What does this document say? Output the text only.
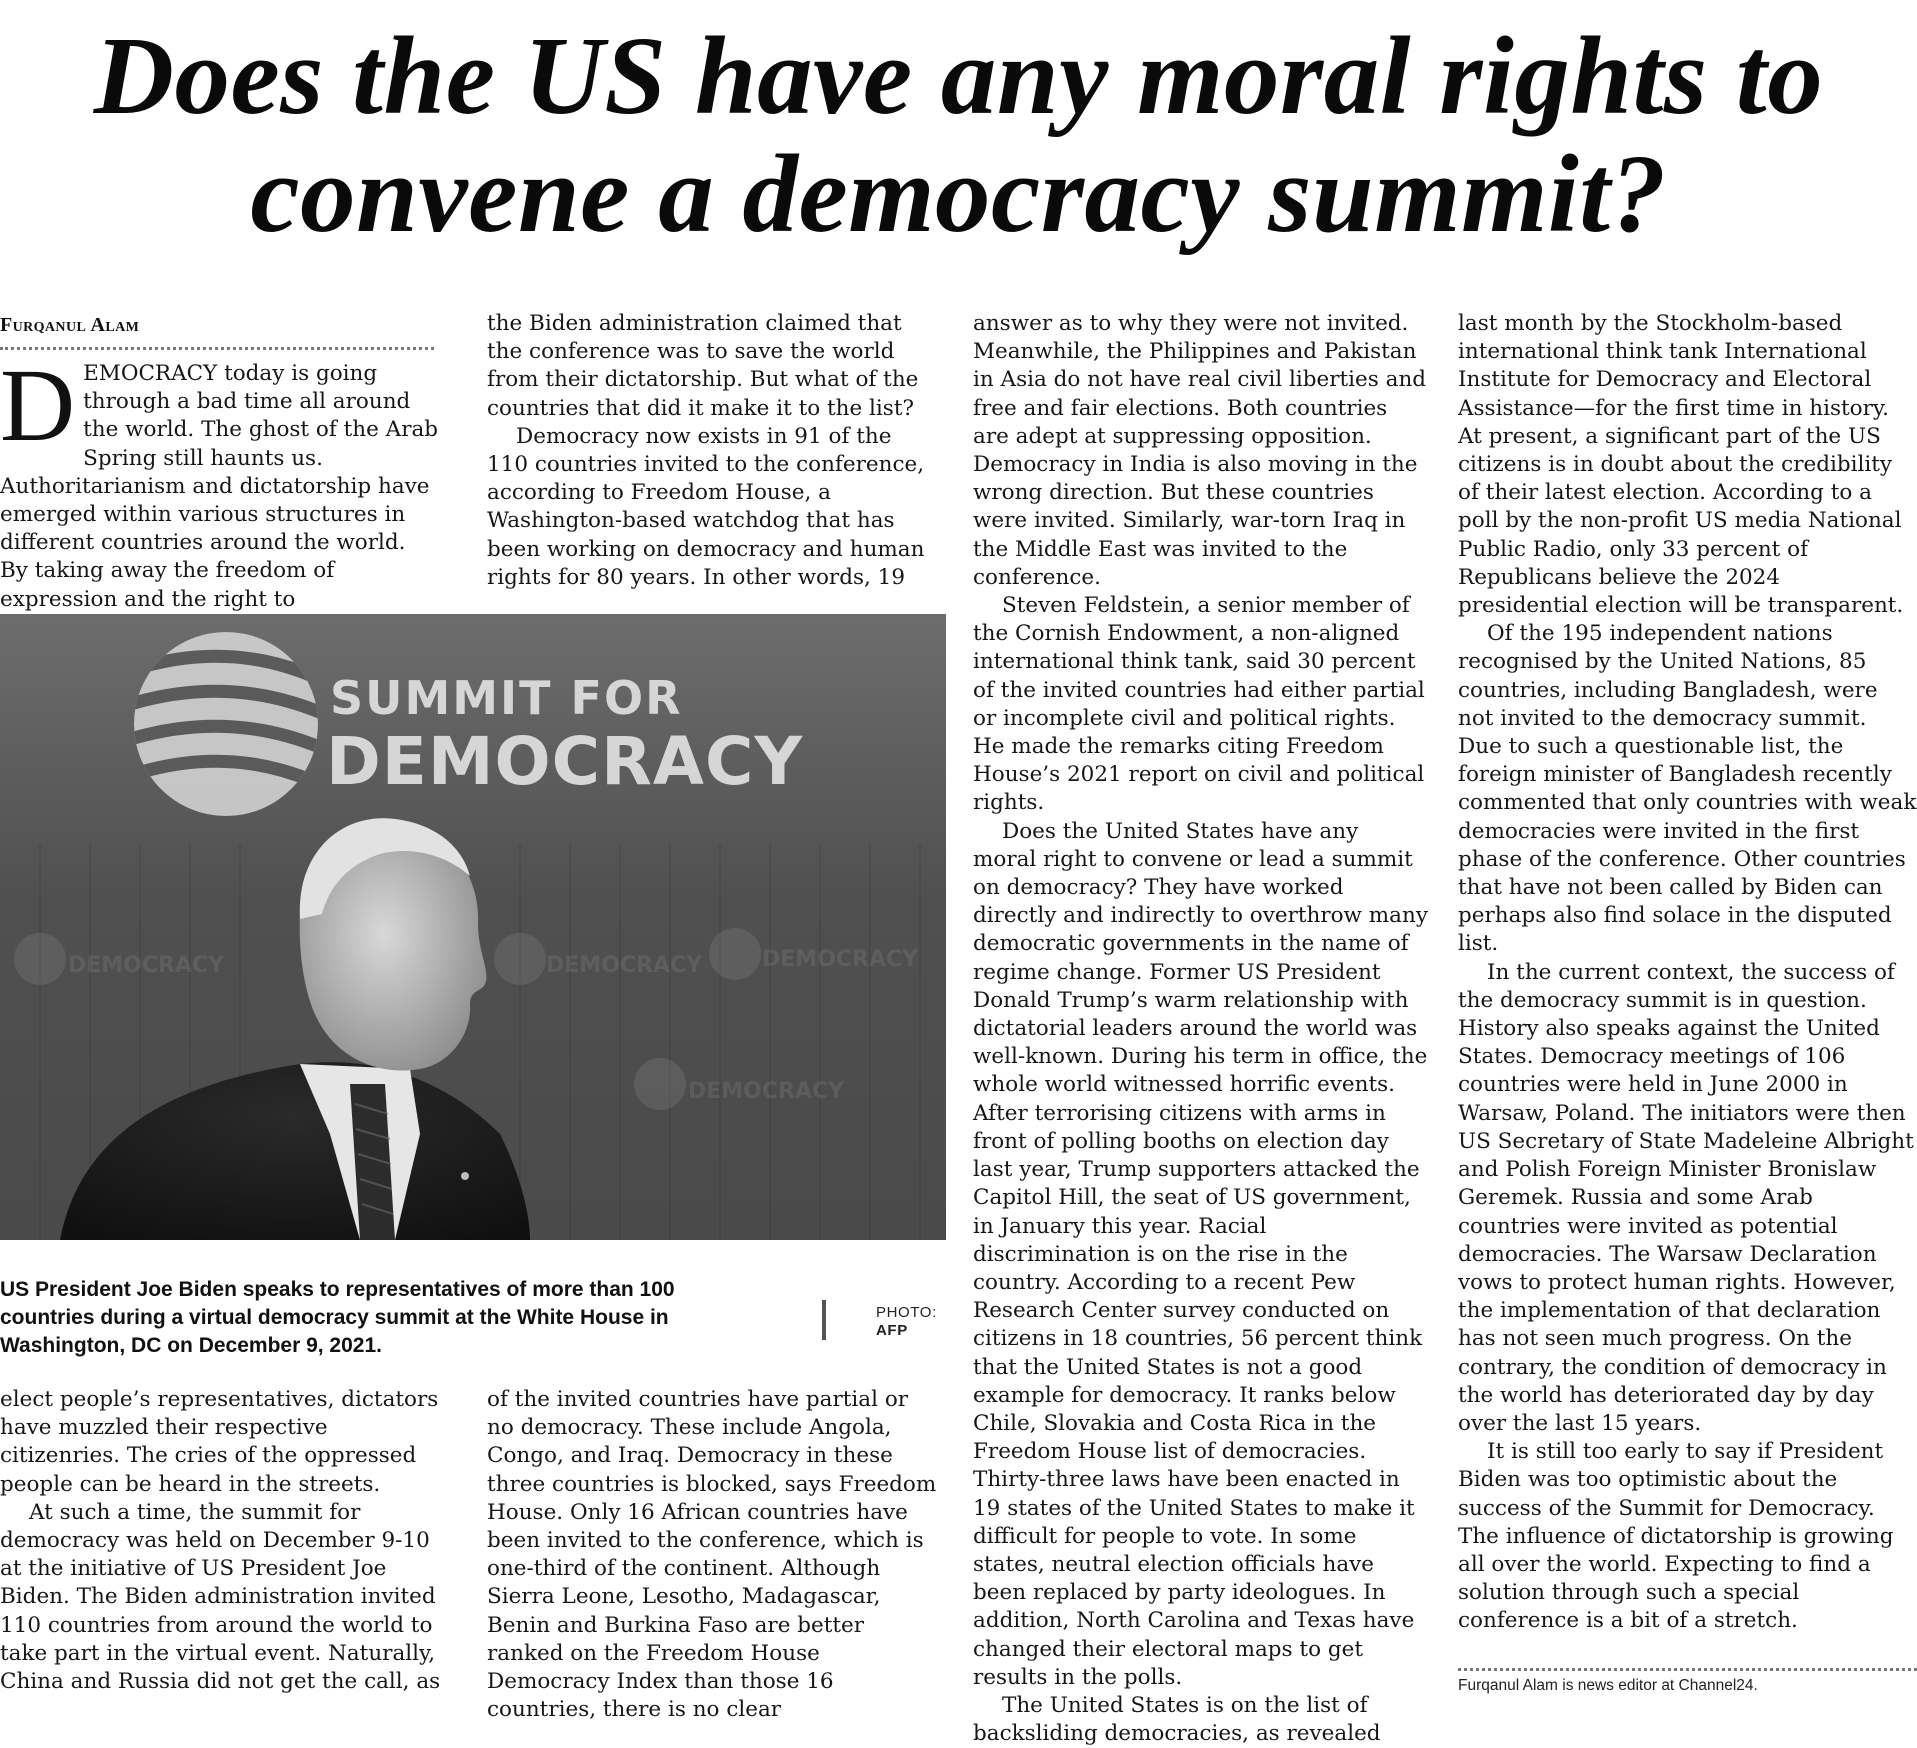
Does the US have any moral rights to
convene a democracy summit?
Furqanul Alam

DEMOCRACY today is going through a bad time all around the world. The ghost of the Arab Spring still haunts us. Authoritarianism and dictatorship have emerged within various structures in different countries around the world. By taking away the freedom of expression and the right to

the Biden administration claimed that the conference was to save the world from their dictatorship. But what of the countries that did it make it to the list?

Democracy now exists in 91 of the 110 countries invited to the conference, according to Freedom House, a Washington-based watchdog that has been working on democracy and human rights for 80 years. In other words, 19

SUMMIT FOR
DEMOCRACY
DEMOCRACY	DEMOCRACY
DEMOCRACY
DEMOCRACY
US President Joe Biden speaks to representatives of more than 100 countries during a virtual democracy summit at the White House in Washington, DC on December 9, 2021.
PHOTO:
AFP

elect people’s representatives, dictators have muzzled their respective citizenries. The cries of the oppressed people can be heard in the streets.

At such a time, the summit for democracy was held on December 9-10 at the initiative of US President Joe Biden. The Biden administration invited 110 countries from around the world to take part in the virtual event. Naturally, China and Russia did not get the call, as

of the invited countries have partial or no democracy. These include Angola, Congo, and Iraq. Democracy in these three countries is blocked, says Freedom House. Only 16 African countries have been invited to the conference, which is one-third of the continent. Although Sierra Leone, Lesotho, Madagascar, Benin and Burkina Faso are better ranked on the Freedom House Democracy Index than those 16 countries, there is no clear

answer as to why they were not invited. Meanwhile, the Philippines and Pakistan in Asia do not have real civil liberties and free and fair elections. Both countries are adept at suppressing opposition. Democracy in India is also moving in the wrong direction. But these countries were invited. Similarly, war-torn Iraq in the Middle East was invited to the conference.

Steven Feldstein, a senior member of the Cornish Endowment, a non-aligned international think tank, said 30 percent of the invited countries had either partial or incomplete civil and political rights. He made the remarks citing Freedom House’s 2021 report on civil and political rights.

Does the United States have any moral right to convene or lead a summit on democracy? They have worked directly and indirectly to overthrow many democratic governments in the name of regime change. Former US President Donald Trump’s warm relationship with dictatorial leaders around the world was well-known. During his term in office, the whole world witnessed horrific events. After terrorising citizens with arms in front of polling booths on election day last year, Trump supporters attacked the Capitol Hill, the seat of US government, in January this year. Racial discrimination is on the rise in the country. According to a recent Pew Research Center survey conducted on citizens in 18 countries, 56 percent think that the United States is not a good example for democracy. It ranks below Chile, Slovakia and Costa Rica in the Freedom House list of democracies. Thirty-three laws have been enacted in 19 states of the United States to make it difficult for people to vote. In some states, neutral election officials have been replaced by party ideologues. In addition, North Carolina and Texas have changed their electoral maps to get results in the polls.

The United States is on the list of backsliding democracies, as revealed

last month by the Stockholm-based international think tank International Institute for Democracy and Electoral Assistance—for the first time in history. At present, a significant part of the US citizens is in doubt about the credibility of their latest election. According to a poll by the non-profit US media National Public Radio, only 33 percent of Republicans believe the 2024 presidential election will be transparent.

Of the 195 independent nations recognised by the United Nations, 85 countries, including Bangladesh, were not invited to the democracy summit. Due to such a questionable list, the foreign minister of Bangladesh recently commented that only countries with weak democracies were invited in the first phase of the conference. Other countries that have not been called by Biden can perhaps also find solace in the disputed list.

In the current context, the success of the democracy summit is in question. History also speaks against the United States. Democracy meetings of 106 countries were held in June 2000 in Warsaw, Poland. The initiators were then US Secretary of State Madeleine Albright and Polish Foreign Minister Bronislaw Geremek. Russia and some Arab countries were invited as potential democracies. The Warsaw Declaration vows to protect human rights. However, the implementation of that declaration has not seen much progress. On the contrary, the condition of democracy in the world has deteriorated day by day over the last 15 years.

It is still too early to say if President Biden was too optimistic about the success of the Summit for Democracy. The influence of dictatorship is growing all over the world. Expecting to find a solution through such a special conference is a bit of a stretch.

Furqanul Alam is news editor at Channel24.
